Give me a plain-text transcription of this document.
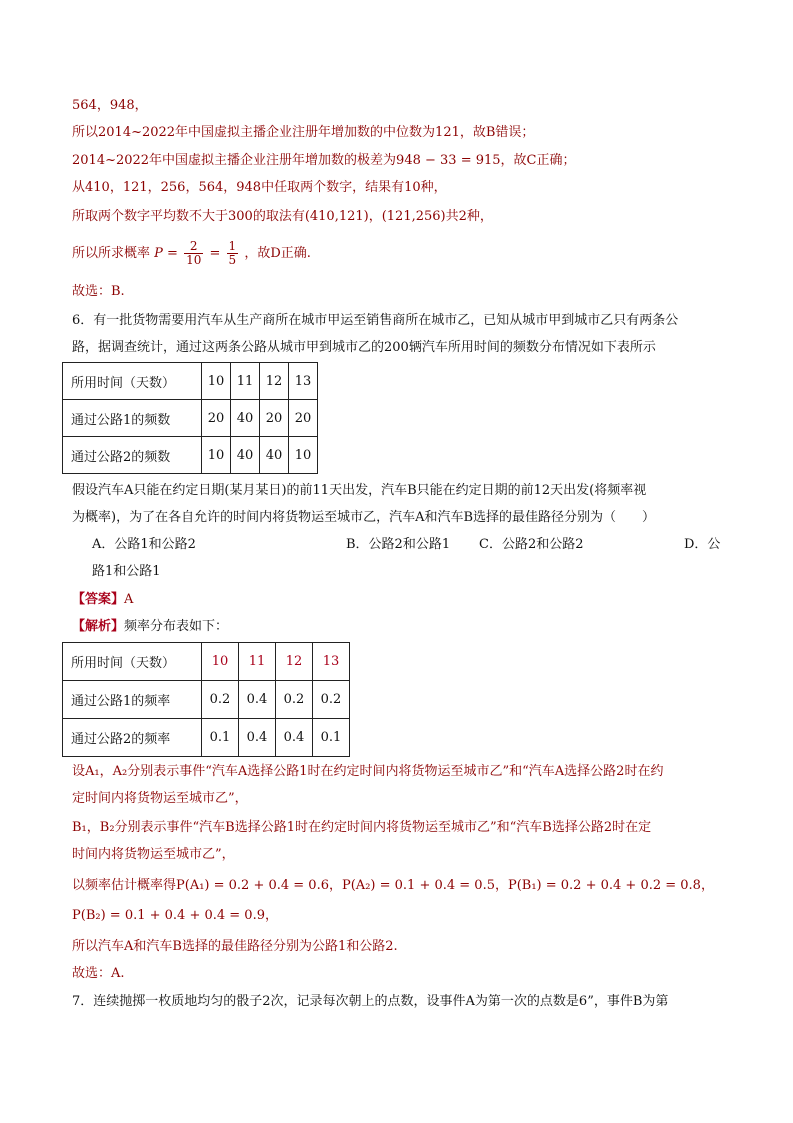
564，948，
所以2014~2022年中国虚拟主播企业注册年增加数的中位数为121，故B错误；
2014~2022年中国虚拟主播企业注册年增加数的极差为948 − 33 = 915，故C正确；
从410，121，256，564，948中任取两个数字，结果有10种，
所取两个数字平均数不大于300的取法有(410,121)，(121,256)共2种，
所以所求概率 $P = \frac{2}{10} = \frac{1}{5}$ ，故D正确.
故选：B.
6．有一批货物需要用汽车从生产商所在城市甲运至销售商所在城市乙，已知从城市甲到城市乙只有两条公
路，据调查统计，通过这两条公路从城市甲到城市乙的200辆汽车所用时间的频数分布情况如下表所示
所用时间（天数）	10	11	12	13
通过公路1的频数	20	40	20	20
通过公路2的频数	10	40	40	10
假设汽车A只能在约定日期(某月某日)的前11天出发，汽车B只能在约定日期的前12天出发(将频率视
为概率)，为了在各自允许的时间内将货物运至城市乙，汽车A和汽车B选择的最佳路径分别为（　　）
A．公路1和公路2	B．公路2和公路1 C．公路2和公路2	D．公
路1和公路1
【答案】A
【解析】频率分布表如下：
所用时间（天数）	10	11	12	13
通过公路1的频率	0.2	0.4	0.2	0.2
通过公路2的频率	0.1	0.4	0.4	0.1
设A₁，A₂分别表示事件“汽车A选择公路1时在约定时间内将货物运至城市乙”和“汽车A选择公路2时在约
定时间内将货物运至城市乙”，
B₁，B₂分别表示事件“汽车B选择公路1时在约定时间内将货物运至城市乙”和“汽车B选择公路2时在定
时间内将货物运至城市乙”，
以频率估计概率得P(A₁) = 0.2 + 0.4 = 0.6，P(A₂) = 0.1 + 0.4 = 0.5，P(B₁) = 0.2 + 0.4 + 0.2 = 0.8，
P(B₂) = 0.1 + 0.4 + 0.4 = 0.9，
所以汽车A和汽车B选择的最佳路径分别为公路1和公路2.
故选：A.
7．连续抛掷一枚质地均匀的骰子2次，记录每次朝上的点数，设事件A为第一次的点数是6”，事件B为第
